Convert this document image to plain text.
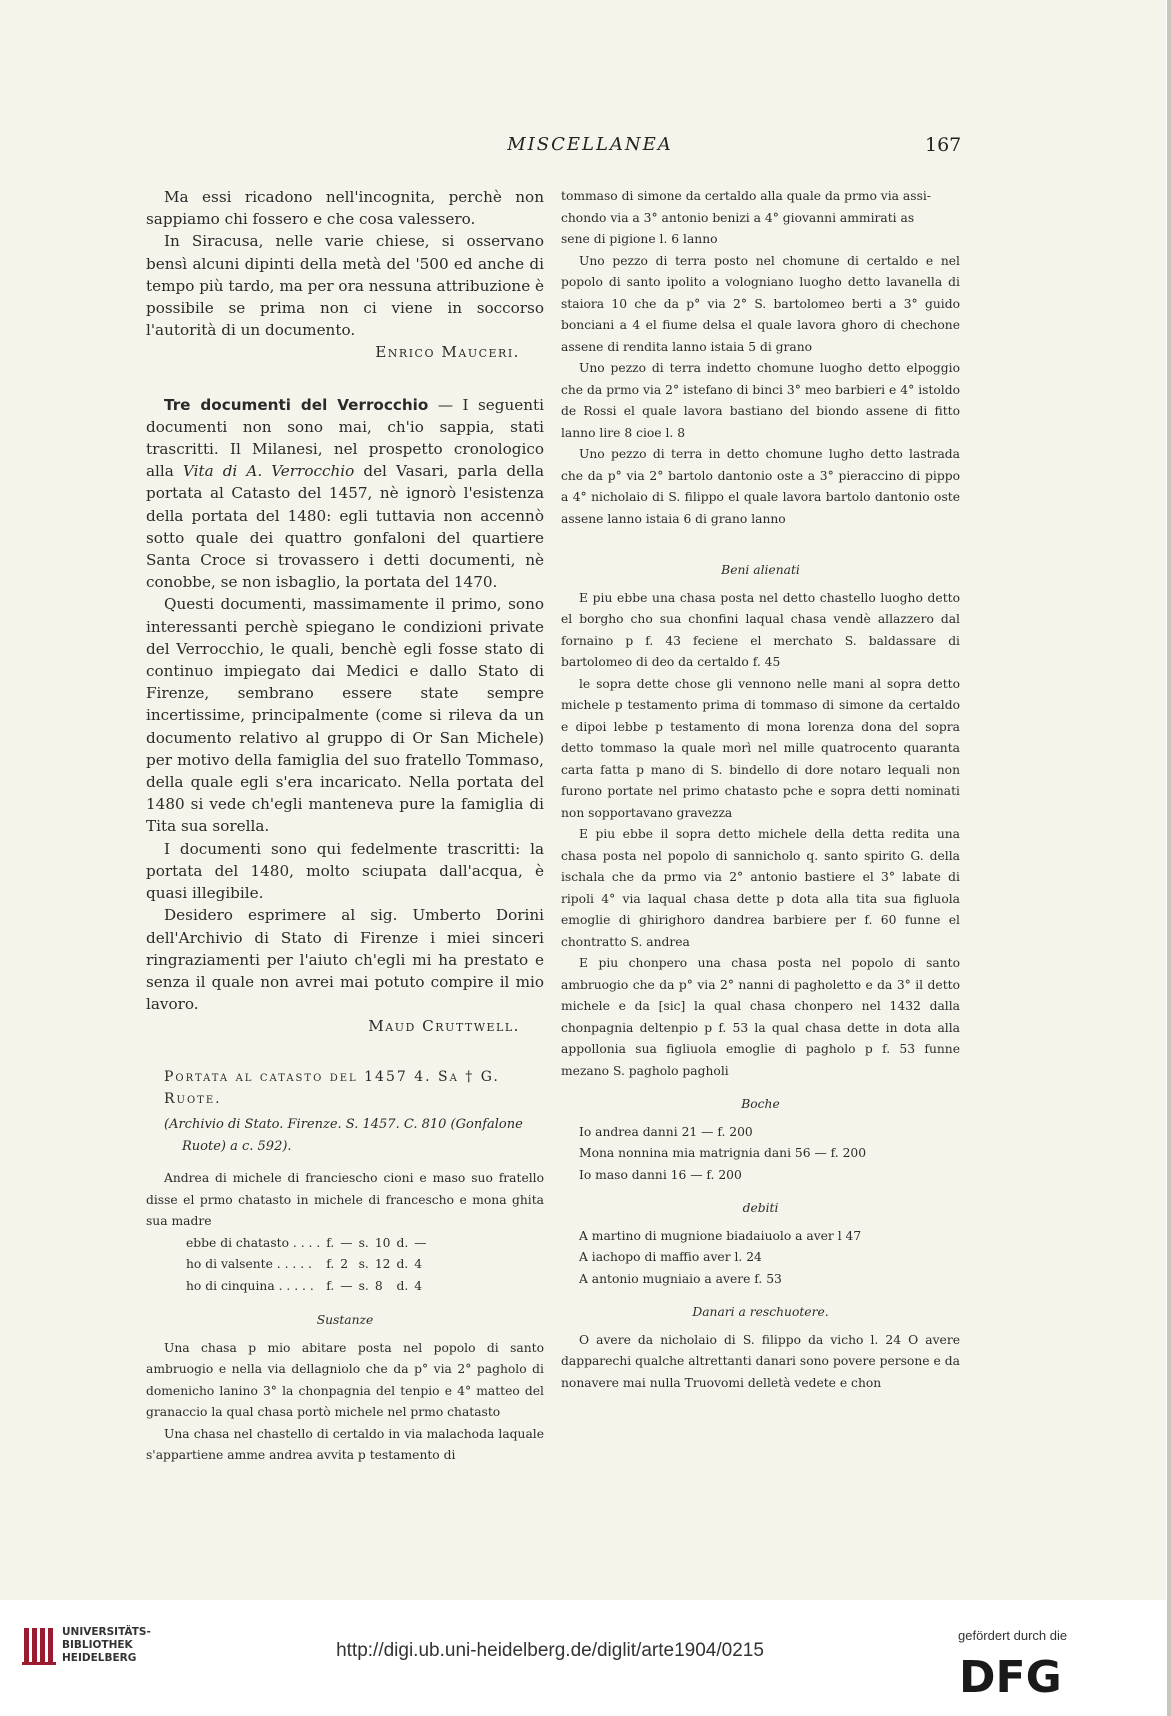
MISCELLANEA	167

Ma essi ricadono nell'incognita, perchè non sappiamo chi fossero e che cosa valessero.

In Siracusa, nelle varie chiese, si osservano bensì alcuni dipinti della metà del '500 ed anche di tempo più tardo, ma per ora nessuna attribuzione è possibile se prima non ci viene in soccorso l'autorità di un documento.

Enrico Mauceri.

Tre documenti del Verrocchio — I seguenti documenti non sono mai, ch'io sappia, stati trascritti. Il Milanesi, nel prospetto cronologico alla Vita di A. Verrocchio del Vasari, parla della portata al Catasto del 1457, nè ignorò l'esistenza della portata del 1480: egli tuttavia non accennò sotto quale dei quattro gonfaloni del quartiere Santa Croce si trovassero i detti documenti, nè conobbe, se non isbaglio, la portata del 1470.

Questi documenti, massimamente il primo, sono interessanti perchè spiegano le condizioni private del Verrocchio, le quali, benchè egli fosse stato di continuo impiegato dai Medici e dallo Stato di Firenze, sembrano essere state sempre incertissime, principalmente (come si rileva da un documento relativo al gruppo di Or San Michele) per motivo della famiglia del suo fratello Tommaso, della quale egli s'era incaricato. Nella portata del 1480 si vede ch'egli manteneva pure la famiglia di Tita sua sorella.

I documenti sono qui fedelmente trascritti: la portata del 1480, molto sciupata dall'acqua, è quasi illegibile.

Desidero esprimere al sig. Umberto Dorini dell'Archivio di Stato di Firenze i miei sinceri ringraziamenti per l'aiuto ch'egli mi ha prestato e senza il quale non avrei mai potuto compire il mio lavoro.

Maud Cruttwell.

Portata al catasto del 1457 4. Sa † G. Ruote.

(Archivio di Stato. Firenze. S. 1457. C. 810 (Gonfalone Ruote) a c. 592).

Andrea di michele di franciescho cioni e maso suo fratello disse el prmo chatasto in michele di francescho e mona ghita sua madre

ebbe di chatasto . . . .	f.	—	s.	10	d.	—
ho di valsente . . . . .	f.	2	s.	12	d.	4
ho di cinquina . . . . .	f.	—	s.	8	d.	4

Sustanze

Una chasa p mio abitare posta nel popolo di santo ambruogio e nella via dellagniolo che da p° via 2° pagholo di domenicho lanino 3° la chonpagnia del tenpio e 4° matteo del granaccio la qual chasa portò michele nel prmo chatasto

Una chasa nel chastello di certaldo in via malachoda laquale s'appartiene amme andrea avvita p testamento di

tommaso di simone da certaldo alla quale da prmo via assi-
chondo via a 3° antonio benizi a 4° giovanni ammirati as
sene di pigione l. 6 lanno

Uno pezzo di terra posto nel chomune di certaldo e nel popolo di santo ipolito a vologniano luogho detto lavanella di staiora 10 che da p° via 2° S. bartolomeo berti a 3° guido bonciani a 4 el fiume delsa el quale lavora ghoro di chechone assene di rendita lanno istaia 5 di grano

Uno pezzo di terra indetto chomune luogho detto elpoggio che da prmo via 2° istefano di binci 3° meo barbieri e 4° istoldo de Rossi el quale lavora bastiano del biondo assene di fitto lanno lire 8 cioe l. 8

Uno pezzo di terra in detto chomune lugho detto lastrada che da p° via 2° bartolo dantonio oste a 3° pieraccino di pippo a 4° nicholaio di S. filippo el quale lavora bartolo dantonio oste assene lanno istaia 6 di grano lanno

Beni alienati

E piu ebbe una chasa posta nel detto chastello luogho detto el borgho cho sua chonfini laqual chasa vendè allazzero dal fornaino p f. 43 feciene el merchato S. baldassare di bartolomeo di deo da certaldo f. 45

le sopra dette chose gli vennono nelle mani al sopra detto michele p testamento prima di tommaso di simone da certaldo e dipoi lebbe p testamento di mona lorenza dona del sopra detto tommaso la quale morì nel mille quatrocento quaranta carta fatta p mano di S. bindello di dore notaro lequali non furono portate nel primo chatasto pche e sopra detti nominati non sopportavano gravezza

E piu ebbe il sopra detto michele della detta redita una chasa posta nel popolo di sannicholo q. santo spirito G. della ischala che da prmo via 2° antonio bastiere el 3° labate di ripoli 4° via laqual chasa dette p dota alla tita sua figluola emoglie di ghirighoro dandrea barbiere per f. 60 funne el chontratto S. andrea

E piu chonpero una chasa posta nel popolo di santo ambruogio che da p° via 2° nanni di pagholetto e da 3° il detto michele e da [sic] la qual chasa chonpero nel 1432 dalla chonpagnia deltenpio p f. 53 la qual chasa dette in dota alla appollonia sua figliuola emoglie di pagholo p f. 53 funne mezano S. pagholo pagholi

Boche

Io andrea danni 21 — f. 200
Mona nonnina mia matrignia dani 56 — f. 200
Io maso danni 16 — f. 200

debiti

A martino di mugnione biadaiuolo a aver l 47
A iachopo di maffio aver l. 24
A antonio mugniaio a avere f. 53

Danari a reschuotere.

O avere da nicholaio di S. filippo da vicho l. 24 O avere dapparechi qualche altrettanti danari sono povere persone e da nonavere mai nulla Truovomi delletà vedete e chon

UNIVERSITÄTS-
BIBLIOTHEK
HEIDELBERG	http://digi.ub.uni-heidelberg.de/diglit/arte1904/0215
gefördert durch die
DFG
